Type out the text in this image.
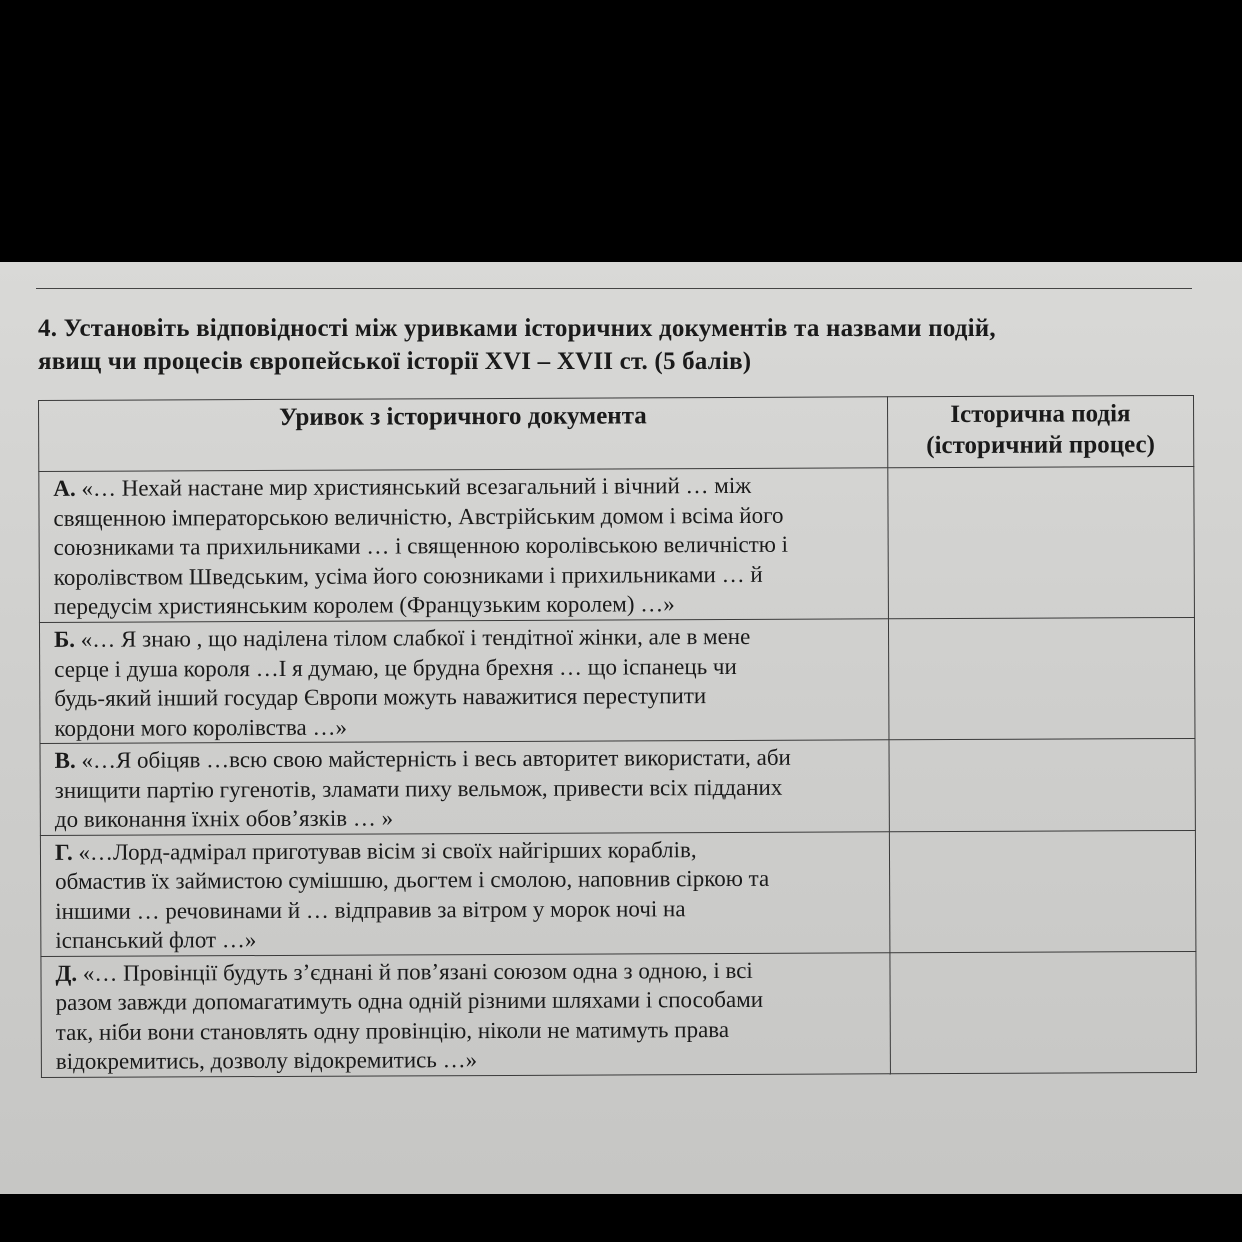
4. Установіть відповідності між уривками історичних документів та назвами подій,
явищ чи процесів європейської історії XVI – XVII ст. (5 балів)
Уривок з історичного документа	Історична подія
(історичний процес)

А. «… Нехай настане мир християнський всезагальний і вічний … між
священною імператорською величністю, Австрійським домом і всіма його
союзниками та прихильниками … і священною королівською величністю і
королівством Шведським, усіма його союзниками і прихильниками … й
передусім християнським королем (Французьким королем) …»	

Б. «… Я знаю , що наділена тілом слабкої і тендітної жінки, але в мене
серце і душа короля …І я думаю, це брудна брехня … що іспанець чи
будь-який інший государ Європи можуть наважитися переступити
кордони мого королівства …»	

В. «…Я обіцяв …всю свою майстерність і весь авторитет використати, аби
знищити партію гугенотів, зламати пиху вельмож, привести всіх підданих
до виконання їхніх обов’язків … »	

Г. «…Лорд-адмірал приготував вісім зі своїх найгірших кораблів,
обмастив їх займистою сумішшю, дьогтем і смолою, наповнив сіркою та
іншими … речовинами й … відправив за вітром у морок ночі на
іспанський флот …»	

Д. «… Провінції будуть з’єднані й пов’язані союзом одна з одною, і всі
разом завжди допомагатимуть одна одній різними шляхами і способами
так, ніби вони становлять одну провінцію, ніколи не матимуть права
відокремитись, дозволу відокремитись …»	
